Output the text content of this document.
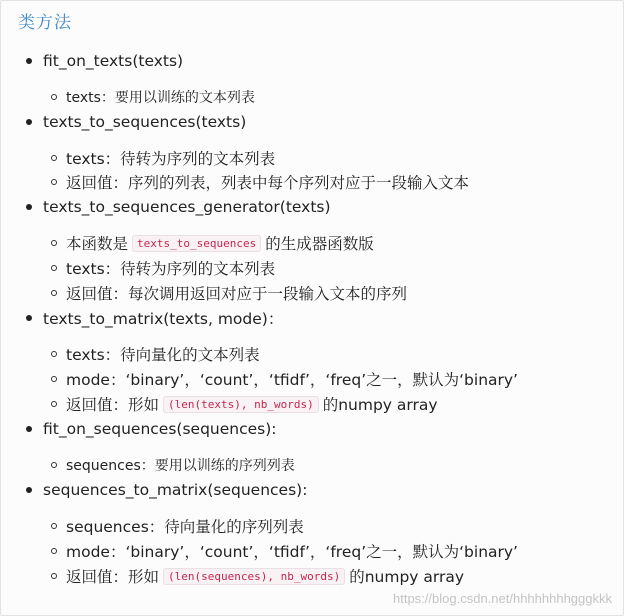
类方法
fit_on_texts(texts)
texts：要用以训练的文本列表
texts_to_sequences(texts)
texts：待转为序列的文本列表
返回值：序列的列表，列表中每个序列对应于一段输入文本
texts_to_sequences_generator(texts)
本函数是 texts_to_sequences 的生成器函数版
texts：待转为序列的文本列表
返回值：每次调用返回对应于一段输入文本的序列
texts_to_matrix(texts, mode)：
texts：待向量化的文本列表
mode：‘binary’，‘count’，‘tfidf’，‘freq’之一，默认为‘binary’
返回值：形如 (len(texts), nb_words) 的numpy array
fit_on_sequences(sequences):
sequences：要用以训练的序列列表
sequences_to_matrix(sequences):
sequences：待向量化的序列列表
mode：‘binary’，‘count’，‘tfidf’，‘freq’之一，默认为‘binary’
返回值：形如 (len(sequences), nb_words) 的numpy array
https://blog.csdn.net/hhhhhhhhgggkkk
